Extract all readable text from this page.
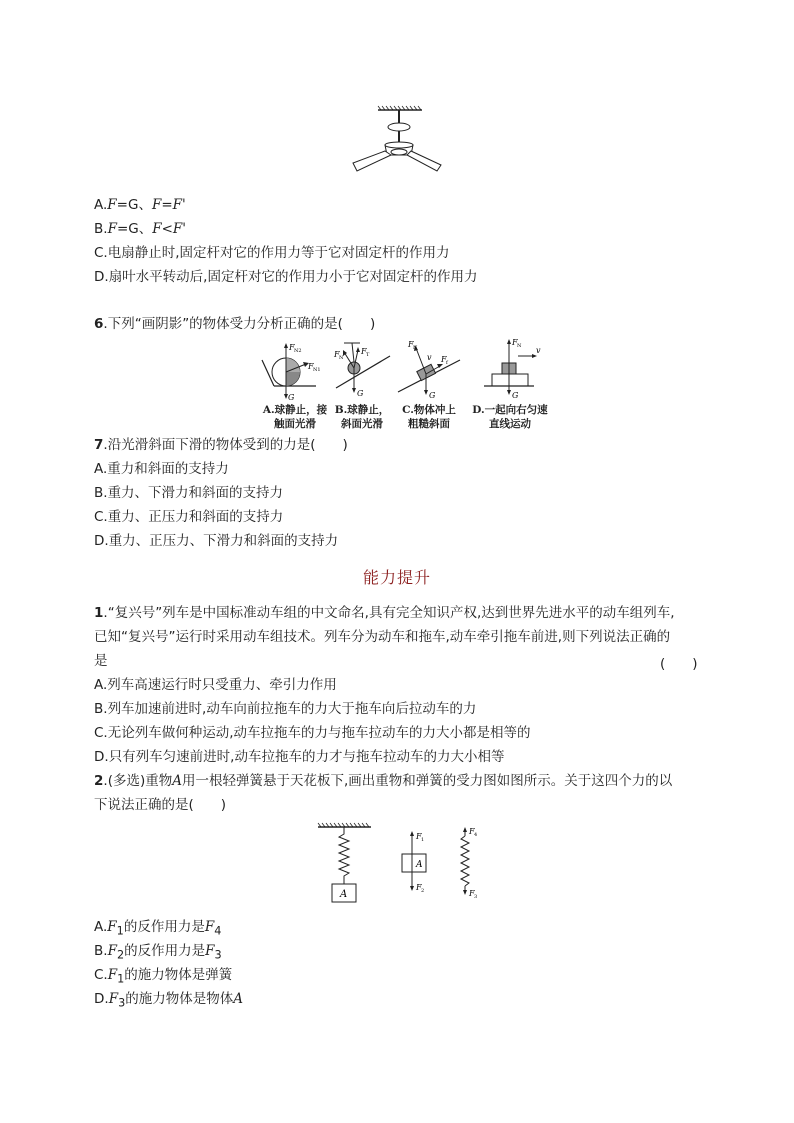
A.F=G、F=F'
B.F=G、F<F'
C.电扇静止时,固定杆对它的作用力等于它对固定杆的作用力
D.扇叶水平转动后,固定杆对它的作用力小于它对固定杆的作用力
6.下列“画阴影”的物体受力分析正确的是(　　)
F N2
F N1
G
A.球静止，接
触面光滑
F N
F T
G
B.球静止，
斜面光滑
F N
v F f
G
C.物体冲上
粗糙斜面
F N v
G
D.一起向右匀速
直线运动
7.沿光滑斜面下滑的物体受到的力是(　　)
A.重力和斜面的支持力
B.重力、下滑力和斜面的支持力
C.重力、正压力和斜面的支持力
D.重力、正压力、下滑力和斜面的支持力
能力提升
1.“复兴号”列车是中国标准动车组的中文命名,具有完全知识产权,达到世界先进水平的动车组列车,
已知“复兴号”运行时采用动车组技术。列车分为动车和拖车,动车牵引拖车前进,则下列说法正确的
是	(　　)
A.列车高速运行时只受重力、牵引力作用
B.列车加速前进时,动车向前拉拖车的力大于拖车向后拉动车的力
C.无论列车做何种运动,动车拉拖车的力与拖车拉动车的力大小都是相等的
D.只有列车匀速前进时,动车拉拖车的力才与拖车拉动车的力大小相等
2.(多选)重物A用一根轻弹簧悬于天花板下,画出重物和弹簧的受力图如图所示。关于这四个力的以
下说法正确的是(　　)
A
A
F 1
F 2
F 4
F 3
$A.F_1$的反作用力是$F_4$
$B.F_2$的反作用力是$F_3$
$C.F_1$的施力物体是弹簧
$D.F_3$的施力物体是物体A
